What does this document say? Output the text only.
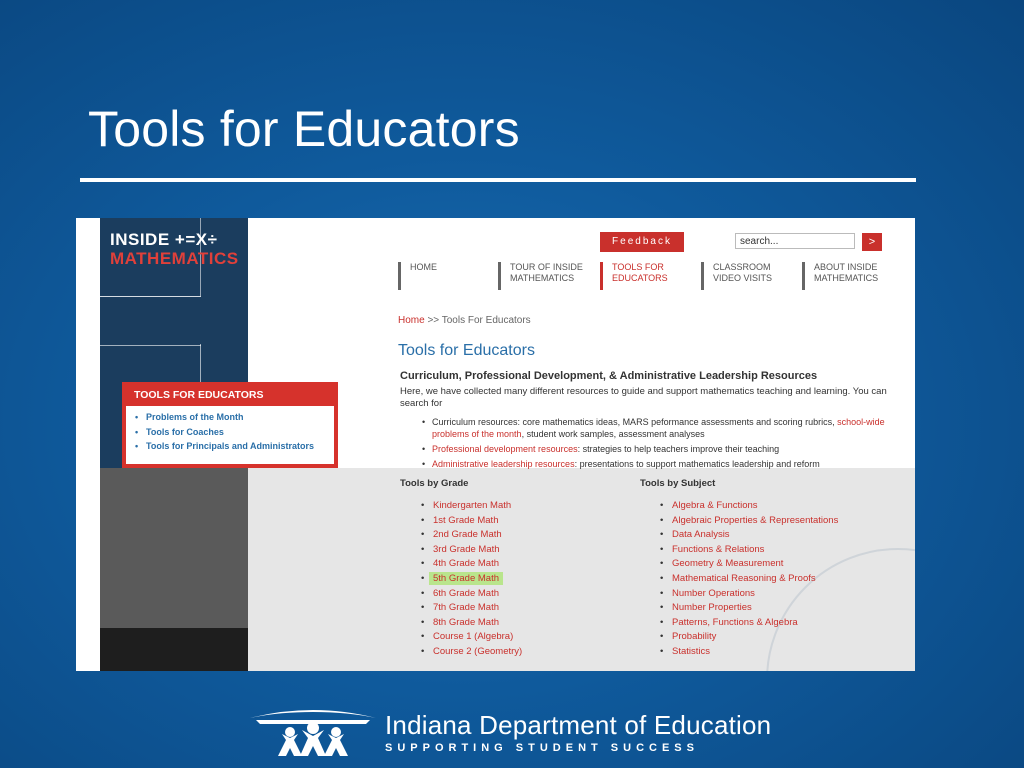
Tools for Educators
INSIDE +=X÷
MATHEMATICS
Feedback
search...	>
HOME	TOUR OF INSIDE
MATHEMATICS
TOOLS FOR
EDUCATORS
CLASSROOM
VIDEO VISITS
ABOUT INSIDE
MATHEMATICS
Home >> Tools For Educators
Tools for Educators
Curriculum, Professional Development, & Administrative Leadership Resources
Here, we have collected many different resources to guide and support mathematics teaching and learning. You can search for
• Curriculum resources: core mathematics ideas, MARS peformance assessments and scoring rubrics, school-wide problems of the month, student work samples, assessment analyses
• Professional development resources: strategies to help teachers improve their teaching
• Administrative leadership resources: presentations to support mathematics leadership and reform
Tools by Grade	Tools by Subject
• Kindergarten Math
• 1st Grade Math
• 2nd Grade Math
• 3rd Grade Math
• 4th Grade Math
• 5th Grade Math
• 6th Grade Math
• 7th Grade Math
• 8th Grade Math
• Course 1 (Algebra)
• Course 2 (Geometry)
• Algebra & Functions
• Algebraic Properties & Representations
• Data Analysis
• Functions & Relations
• Geometry & Measurement
• Mathematical Reasoning & Proofs
• Number Operations
• Number Properties
• Patterns, Functions & Algebra
• Probability
• Statistics
TOOLS FOR EDUCATORS
• Problems of the Month
• Tools for Coaches
• Tools for Principals and Administrators
Indiana Department of Education
SUPPORTING STUDENT SUCCESS
